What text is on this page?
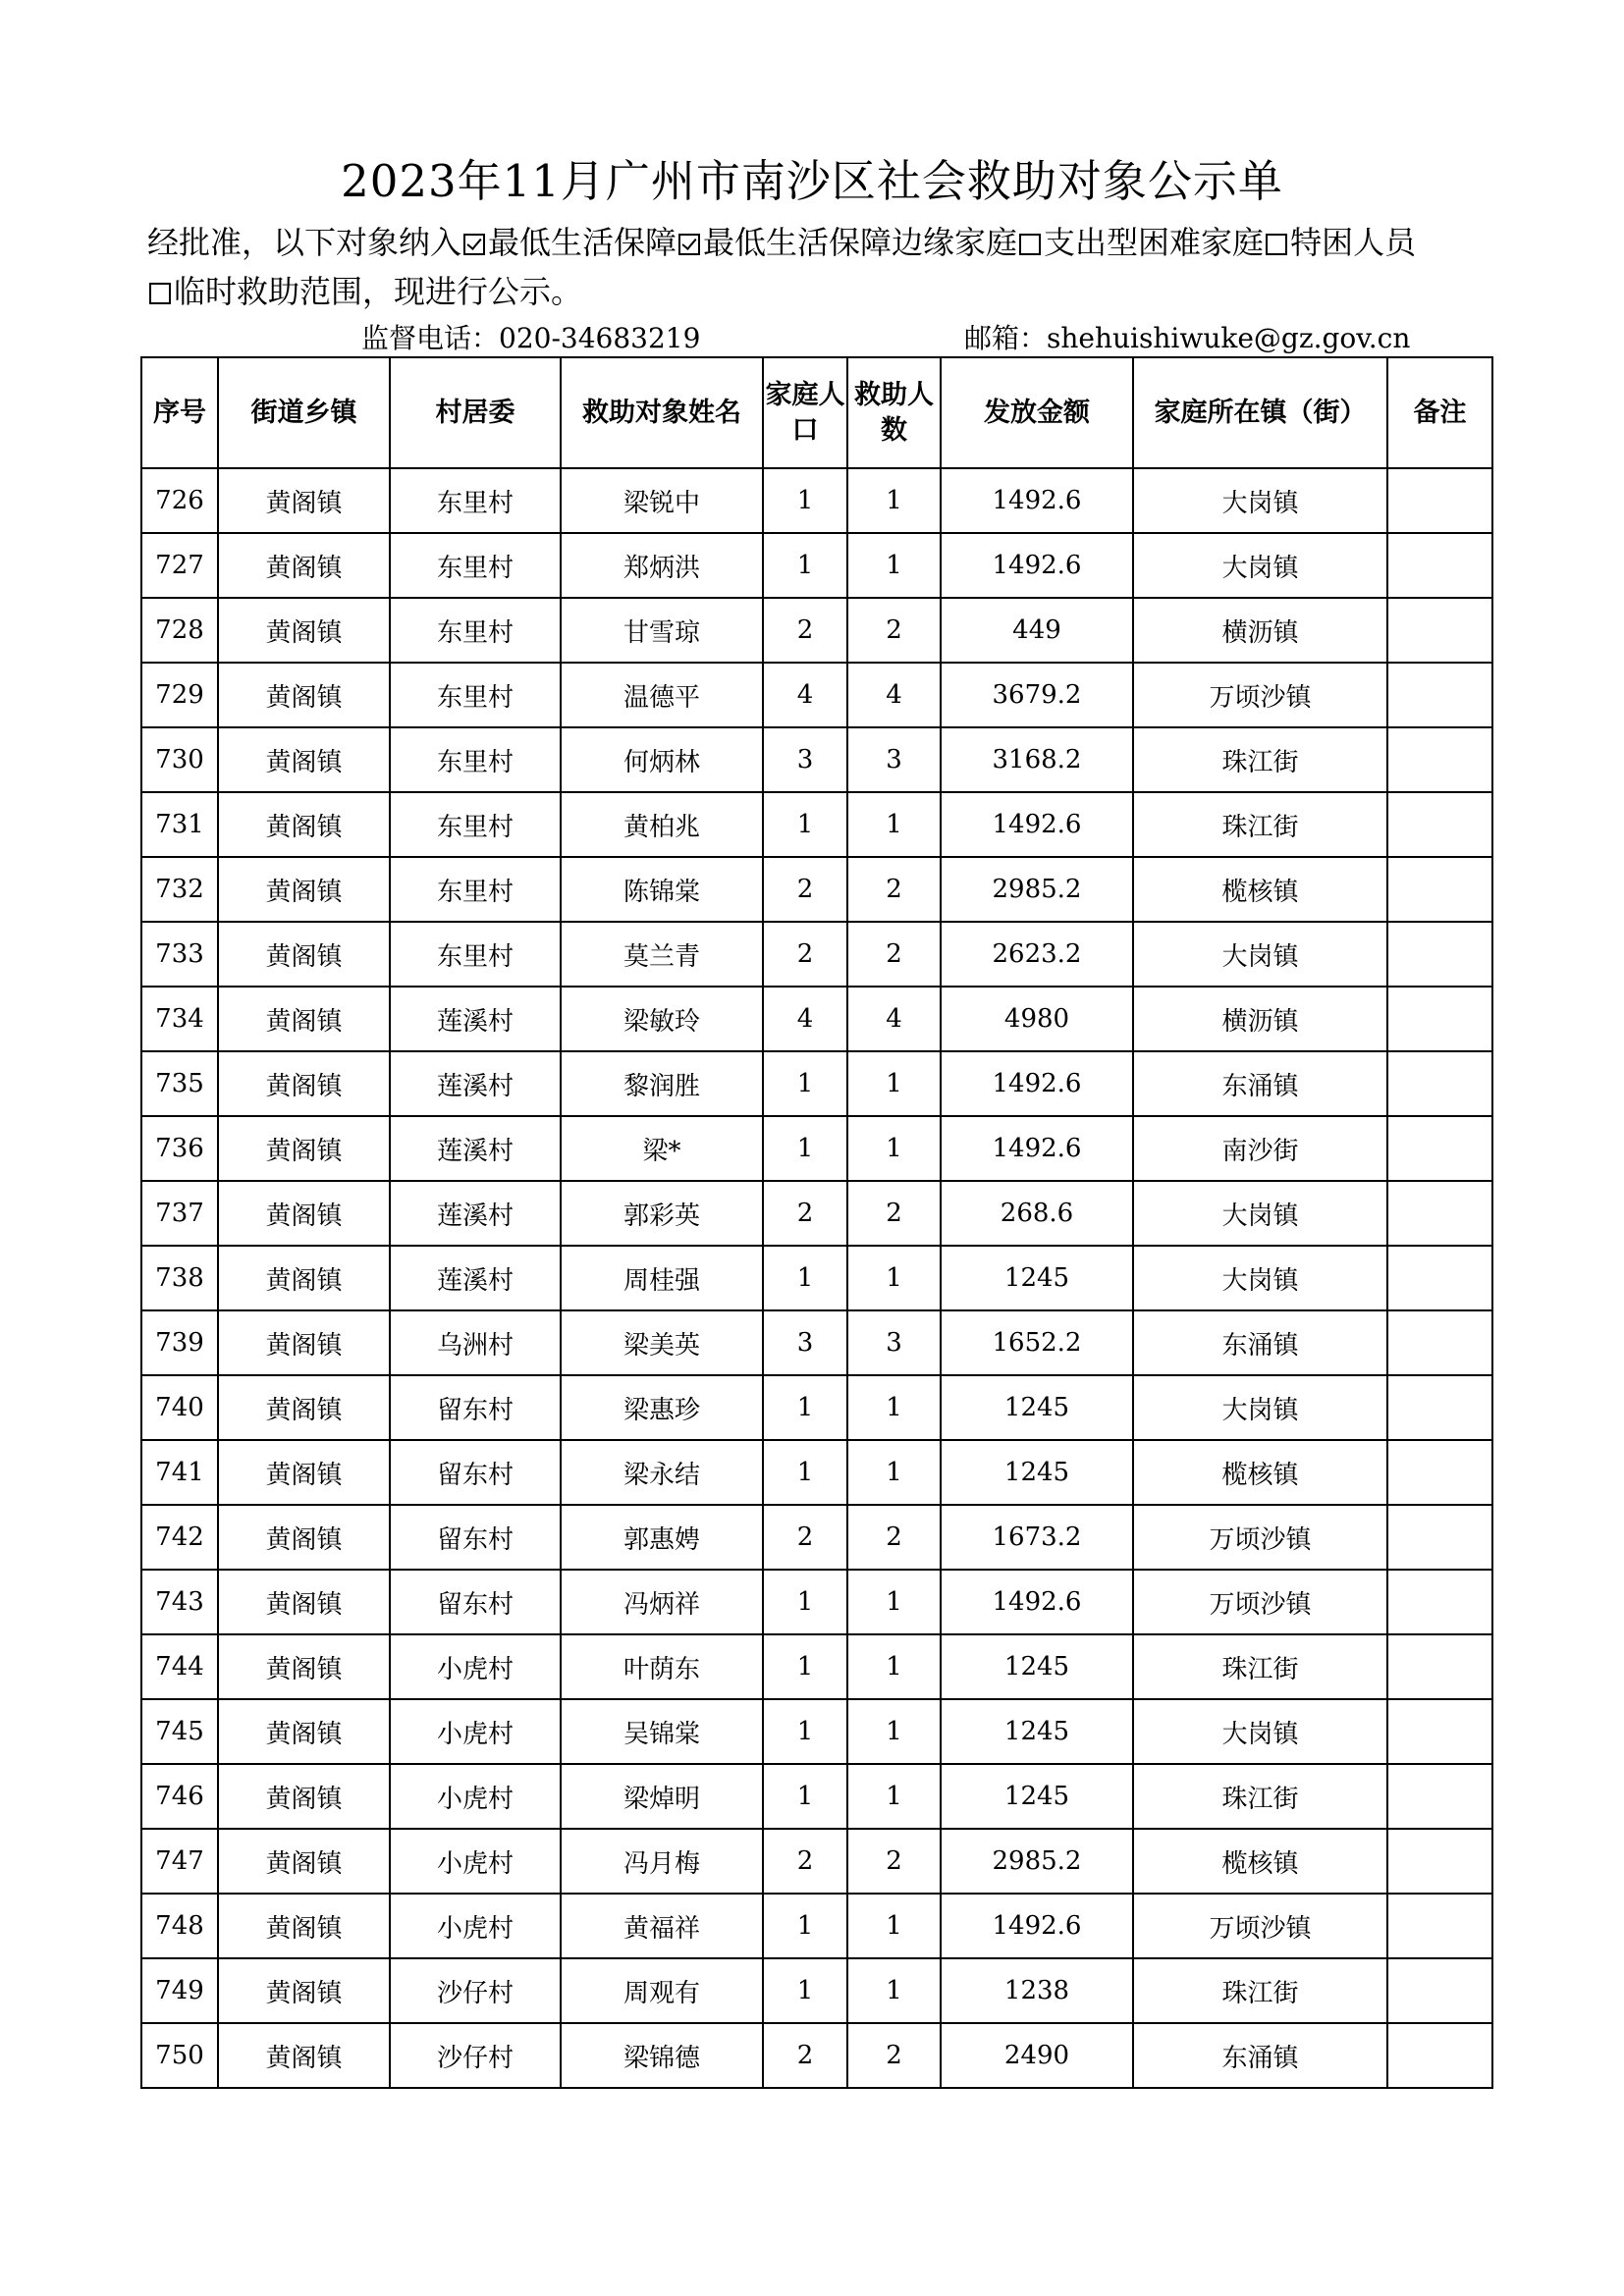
2023年11月广州市南沙区社会救助对象公示单
经批准，以下对象纳入 最低生活保障 最低生活保障边缘家庭 支出型困难家庭 特困人员
临时救助范围，现进行公示。
监督电话：020-34683219	邮箱：shehuishiwuke@gz.gov.cn
序号	街道乡镇	村居委	救助对象姓名	家庭人口	救助人数	发放金额	家庭所在镇（街）	备注
726	黄阁镇	东里村	梁锐中	1	1	1492.6	大岗镇	
727	黄阁镇	东里村	郑炳洪	1	1	1492.6	大岗镇	
728	黄阁镇	东里村	甘雪琼	2	2	449	横沥镇	
729	黄阁镇	东里村	温德平	4	4	3679.2	万顷沙镇	
730	黄阁镇	东里村	何炳林	3	3	3168.2	珠江街	
731	黄阁镇	东里村	黄柏兆	1	1	1492.6	珠江街	
732	黄阁镇	东里村	陈锦棠	2	2	2985.2	榄核镇	
733	黄阁镇	东里村	莫兰青	2	2	2623.2	大岗镇	
734	黄阁镇	莲溪村	梁敏玲	4	4	4980	横沥镇	
735	黄阁镇	莲溪村	黎润胜	1	1	1492.6	东涌镇	
736	黄阁镇	莲溪村	梁*	1	1	1492.6	南沙街	
737	黄阁镇	莲溪村	郭彩英	2	2	268.6	大岗镇	
738	黄阁镇	莲溪村	周桂强	1	1	1245	大岗镇	
739	黄阁镇	乌洲村	梁美英	3	3	1652.2	东涌镇	
740	黄阁镇	留东村	梁惠珍	1	1	1245	大岗镇	
741	黄阁镇	留东村	梁永结	1	1	1245	榄核镇	
742	黄阁镇	留东村	郭惠娉	2	2	1673.2	万顷沙镇	
743	黄阁镇	留东村	冯炳祥	1	1	1492.6	万顷沙镇	
744	黄阁镇	小虎村	叶荫东	1	1	1245	珠江街	
745	黄阁镇	小虎村	吴锦棠	1	1	1245	大岗镇	
746	黄阁镇	小虎村	梁焯明	1	1	1245	珠江街	
747	黄阁镇	小虎村	冯月梅	2	2	2985.2	榄核镇	
748	黄阁镇	小虎村	黄福祥	1	1	1492.6	万顷沙镇	
749	黄阁镇	沙仔村	周观有	1	1	1238	珠江街	
750	黄阁镇	沙仔村	梁锦德	2	2	2490	东涌镇	
